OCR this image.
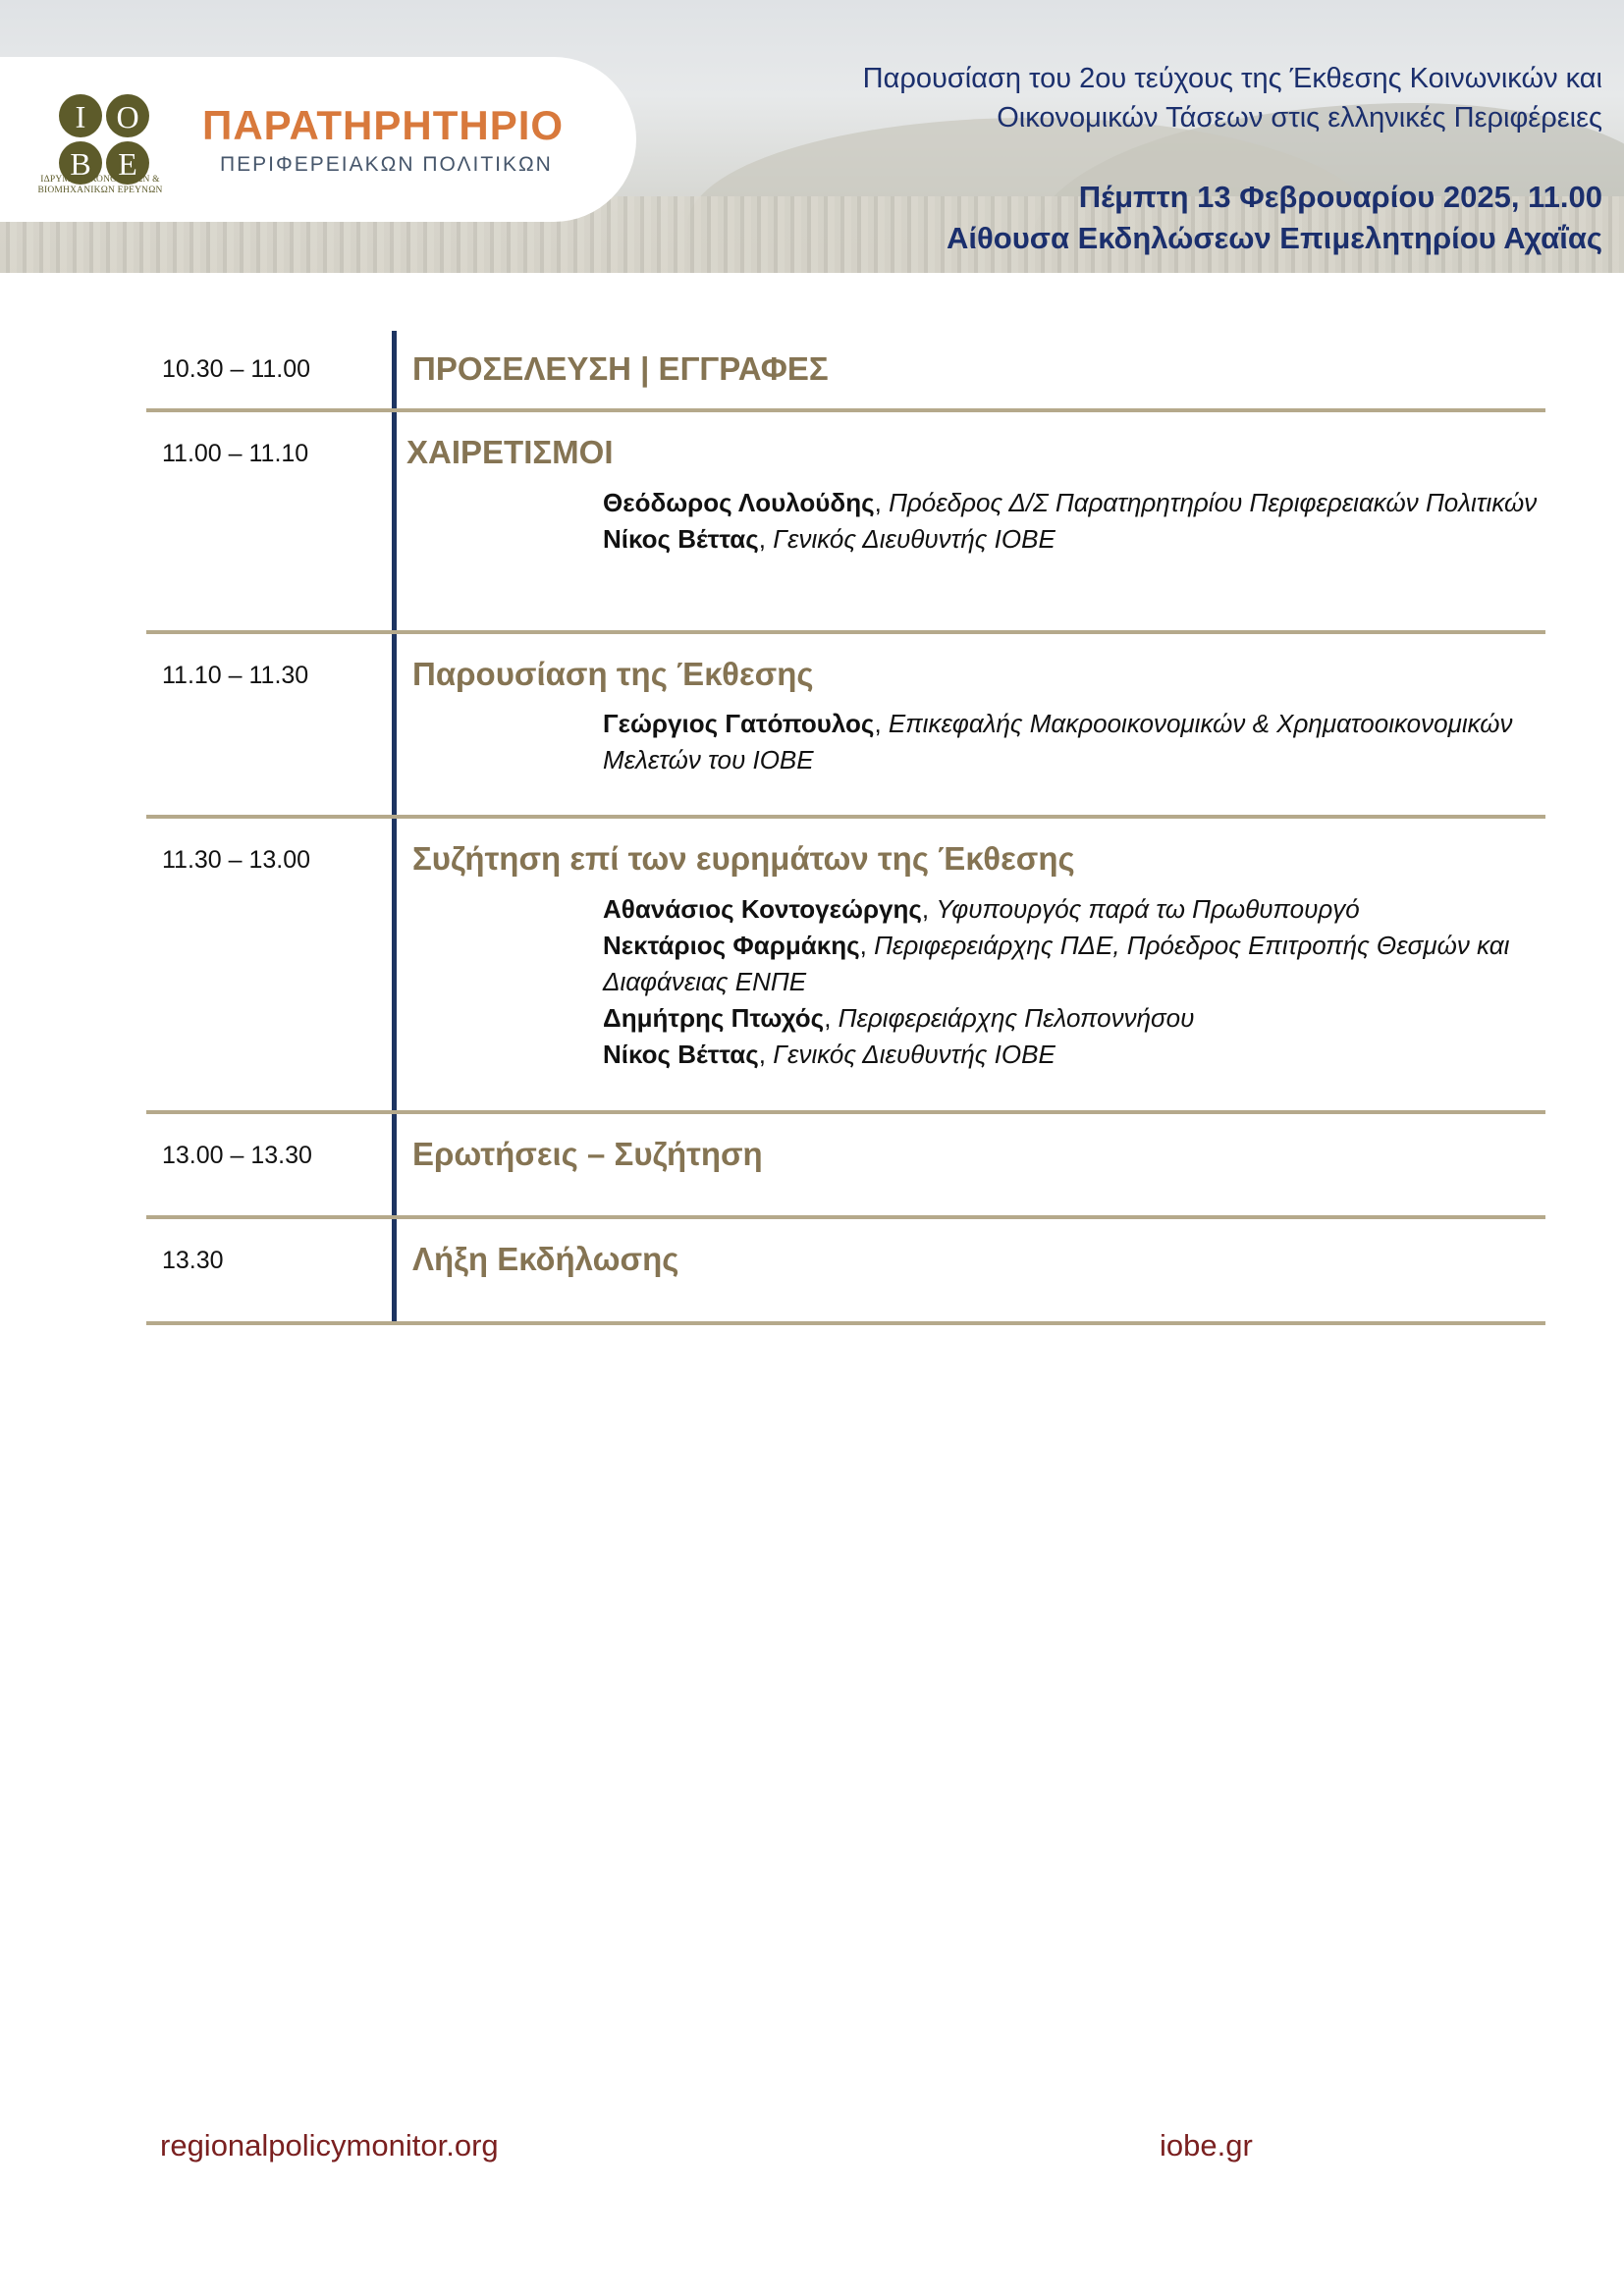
Ι Ο
Β Ε
ΙΔΡΥΜΑ ΟΙΚΟΝΟΜΙΚΩΝ &
ΒΙΟΜΗΧΑΝΙΚΩΝ ΕΡΕΥΝΩΝ
ΠΑΡΑΤΗΡΗΤΗΡΙΟ
ΠΕΡΙΦΕΡΕΙΑΚΩΝ ΠΟΛΙΤΙΚΩΝ
Παρουσίαση του 2ου τεύχους της Έκθεσης Κοινωνικών και
Οικονομικών Τάσεων στις ελληνικές Περιφέρειες
Πέμπτη 13 Φεβρουαρίου 2025, 11.00
Αίθουσα Εκδηλώσεων Επιμελητηρίου Αχαΐας
10.30 – 11.00	ΠΡΟΣΕΛΕΥΣΗ | ΕΓΓΡΑΦΕΣ
11.00 – 11.10	ΧΑΙΡΕΤΙΣΜΟΙ
Θεόδωρος Λουλούδης, Πρόεδρος Δ/Σ Παρατηρητηρίου Περιφερειακών Πολιτικών
Νίκος Βέττας, Γενικός Διευθυντής ΙΟΒΕ
11.10 – 11.30	Παρουσίαση της Έκθεσης
Γεώργιος Γατόπουλος, Επικεφαλής Μακροοικονομικών & Χρηματοοικονομικών Μελετών του ΙΟΒΕ
11.30 – 13.00	Συζήτηση επί των ευρημάτων της Έκθεσης
Αθανάσιος Κοντογεώργης, Υφυπουργός παρά τω Πρωθυπουργό
Νεκτάριος Φαρμάκης, Περιφερειάρχης ΠΔΕ, Πρόεδρος Επιτροπής Θεσμών και Διαφάνειας ΕΝΠΕ
Δημήτρης Πτωχός, Περιφερειάρχης Πελοποννήσου
Νίκος Βέττας, Γενικός Διευθυντής ΙΟΒΕ
13.00 – 13.30	Ερωτήσεις – Συζήτηση
13.30	Λήξη Εκδήλωσης
regionalpolicymonitor.org	iobe.gr
